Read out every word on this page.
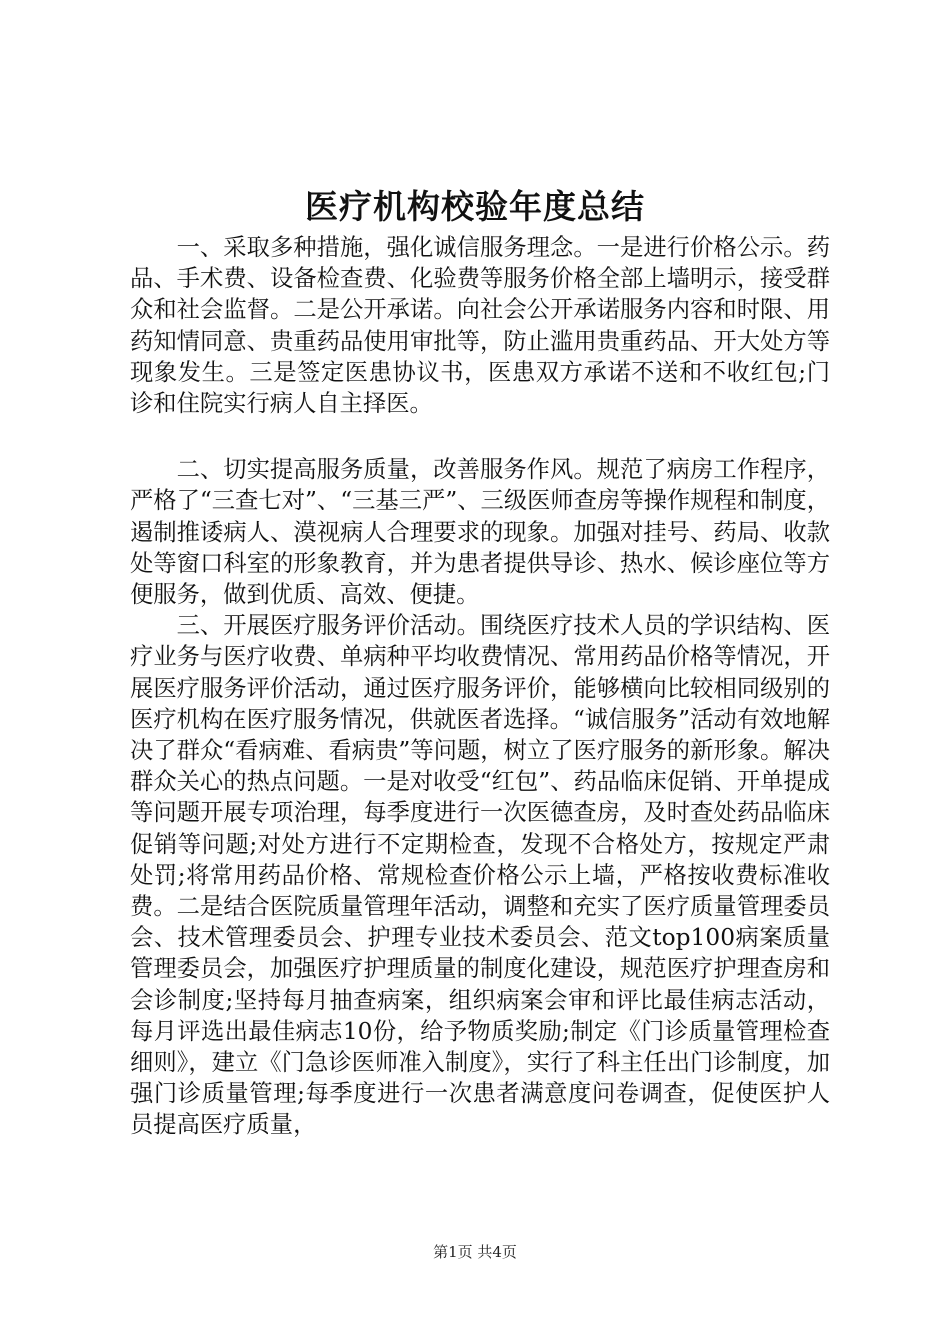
医疗机构校验年度总结

一、采取多种措施，强化诚信服务理念。一是进行价格公示。药品、手术费、设备检查费、化验费等服务价格全部上墙明示，接受群众和社会监督。二是公开承诺。向社会公开承诺服务内容和时限、用药知情同意、贵重药品使用审批等，防止滥用贵重药品、开大处方等现象发生。三是签定医患协议书，医患双方承诺不送和不收红包;门诊和住院实行病人自主择医。

二、切实提高服务质量，改善服务作风。规范了病房工作程序，严格了“三查七对”、“三基三严”、三级医师查房等操作规程和制度，遏制推诿病人、漠视病人合理要求的现象。加强对挂号、药局、收款处等窗口科室的形象教育，并为患者提供导诊、热水、候诊座位等方便服务，做到优质、高效、便捷。

三、开展医疗服务评价活动。围绕医疗技术人员的学识结构、医疗业务与医疗收费、单病种平均收费情况、常用药品价格等情况，开展医疗服务评价活动，通过医疗服务评价，能够横向比较相同级别的医疗机构在医疗服务情况，供就医者选择。“诚信服务”活动有效地解决了群众“看病难、看病贵”等问题，树立了医疗服务的新形象。解决群众关心的热点问题。一是对收受“红包”、药品临床促销、开单提成等问题开展专项治理，每季度进行一次医德查房，及时查处药品临床促销等问题;对处方进行不定期检查，发现不合格处方，按规定严肃处罚;将常用药品价格、常规检查价格公示上墙，严格按收费标准收费。二是结合医院质量管理年活动，调整和充实了医疗质量管理委员会、技术管理委员会、护理专业技术委员会、范文top100病案质量管理委员会，加强医疗护理质量的制度化建设，规范医疗护理查房和会诊制度;坚持每月抽查病案，组织病案会审和评比最佳病志活动，每月评选出最佳病志10份，给予物质奖励;制定《门诊质量管理检查细则》，建立《门急诊医师准入制度》，实行了科主任出门诊制度，加强门诊质量管理;每季度进行一次患者满意度问卷调查，促使医护人员提高医疗质量，

第1页 共4页
